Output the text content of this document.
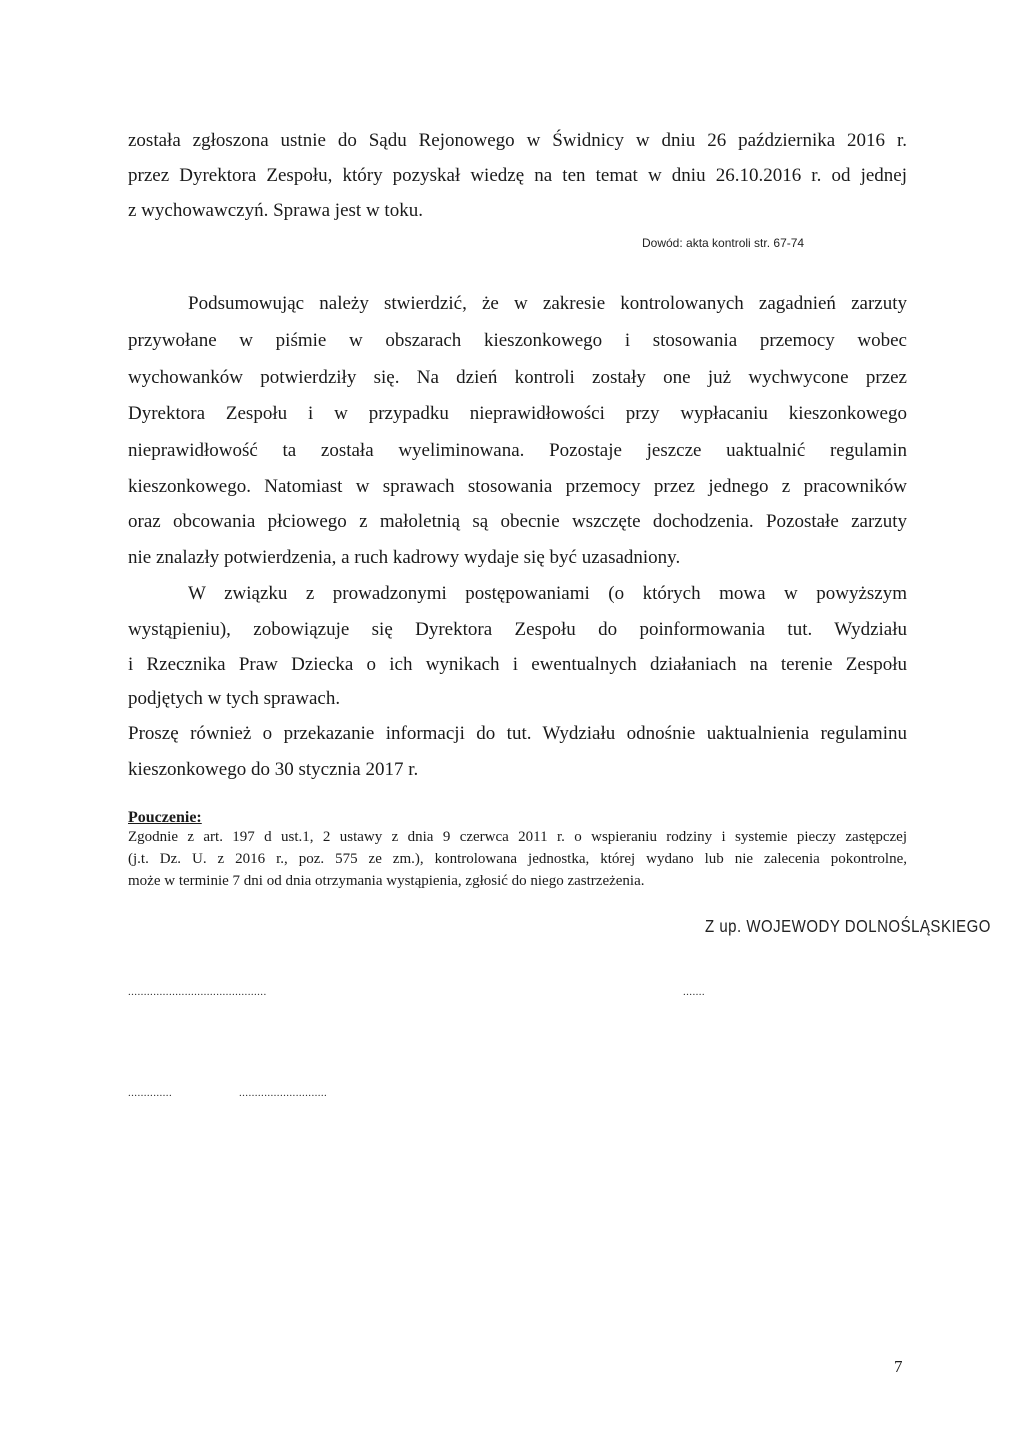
została zgłoszona ustnie do Sądu Rejonowego w Świdnicy w dniu 26 października 2016 r.
przez Dyrektora Zespołu, który pozyskał wiedzę na ten temat w dniu 26.10.2016 r. od jednej
z wychowawczyń. Sprawa jest w toku.
Dowód: akta kontroli str. 67-74
Podsumowując należy stwierdzić, że w zakresie kontrolowanych zagadnień zarzuty
przywołane w piśmie w obszarach kieszonkowego i stosowania przemocy wobec
wychowanków potwierdziły się. Na dzień kontroli zostały one już wychwycone przez
Dyrektora Zespołu i w przypadku nieprawidłowości przy wypłacaniu kieszonkowego
nieprawidłowość ta została wyeliminowana. Pozostaje jeszcze uaktualnić regulamin
kieszonkowego. Natomiast w sprawach stosowania przemocy przez jednego z pracowników
oraz obcowania płciowego z małoletnią są obecnie wszczęte dochodzenia. Pozostałe zarzuty
nie znalazły potwierdzenia, a ruch kadrowy wydaje się być uzasadniony.
W związku z prowadzonymi postępowaniami (o których mowa w powyższym
wystąpieniu), zobowiązuje się Dyrektora Zespołu do poinformowania tut. Wydziału
i Rzecznika Praw Dziecka o ich wynikach i ewentualnych działaniach na terenie Zespołu
podjętych w tych sprawach.
Proszę również o przekazanie informacji do tut. Wydziału odnośnie uaktualnienia regulaminu
kieszonkowego do 30 stycznia 2017 r.
Pouczenie:
Zgodnie z art. 197 d ust.1, 2 ustawy z dnia 9 czerwca 2011 r. o wspieraniu rodziny i systemie pieczy zastępczej
(j.t. Dz. U. z 2016 r., poz. 575 ze zm.), kontrolowana jednostka, której wydano lub nie zalecenia pokontrolne,
może w terminie 7 dni od dnia otrzymania wystąpienia, zgłosić do niego zastrzeżenia.
Z up. WOJEWODY DOLNOŚLĄSKIEGO
............................................	.......
..............	............................
7
